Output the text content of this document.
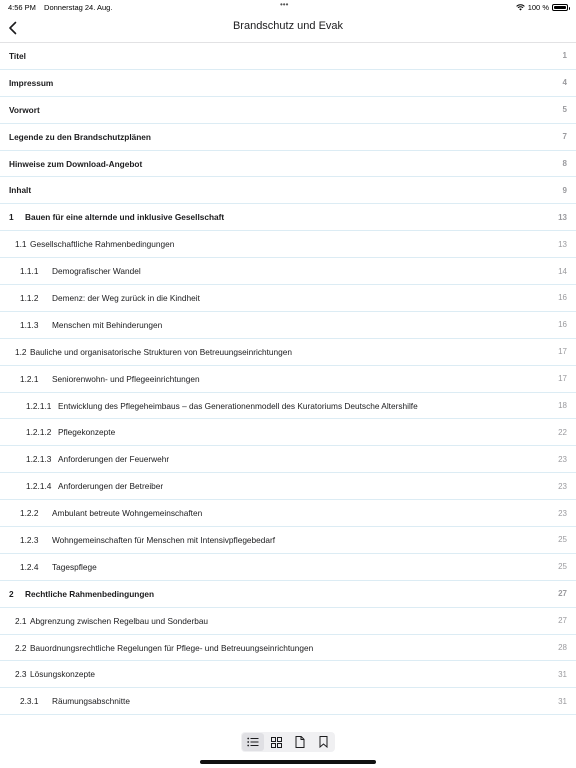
4:56 PM Donnerstag 24. Aug.	•••	100 %
Brandschutz und Evak
Titel	1
Impressum	4
Vorwort	5
Legende zu den Brandschutzplänen	7
Hinweise zum Download-Angebot	8
Inhalt	9
1	Bauen für eine alternde und inklusive Gesellschaft	13
1.1 Gesellschaftliche Rahmenbedingungen	13
1.1.1	Demografischer Wandel	14
1.1.2	Demenz: der Weg zurück in die Kindheit	16
1.1.3	Menschen mit Behinderungen	16
1.2 Bauliche und organisatorische Strukturen von Betreuungseinrichtungen	17
1.2.1	Seniorenwohn- und Pflegeeinrichtungen	17
1.2.1.1 Entwicklung des Pflegeheimbaus – das Generationenmodell des Kuratoriums Deutsche Altershilfe	18
1.2.1.2 Pflegekonzepte	22
1.2.1.3 Anforderungen der Feuerwehr	23
1.2.1.4 Anforderungen der Betreiber	23
1.2.2	Ambulant betreute Wohngemeinschaften	23
1.2.3	Wohngemeinschaften für Menschen mit Intensivpflegebedarf	25
1.2.4	Tagespflege	25
2	Rechtliche Rahmenbedingungen	27
2.1 Abgrenzung zwischen Regelbau und Sonderbau	27
2.2 Bauordnungsrechtliche Regelungen für Pflege- und Betreuungseinrichtungen	28
2.3 Lösungskonzepte	31
2.3.1	Räumungsabschnitte	31
